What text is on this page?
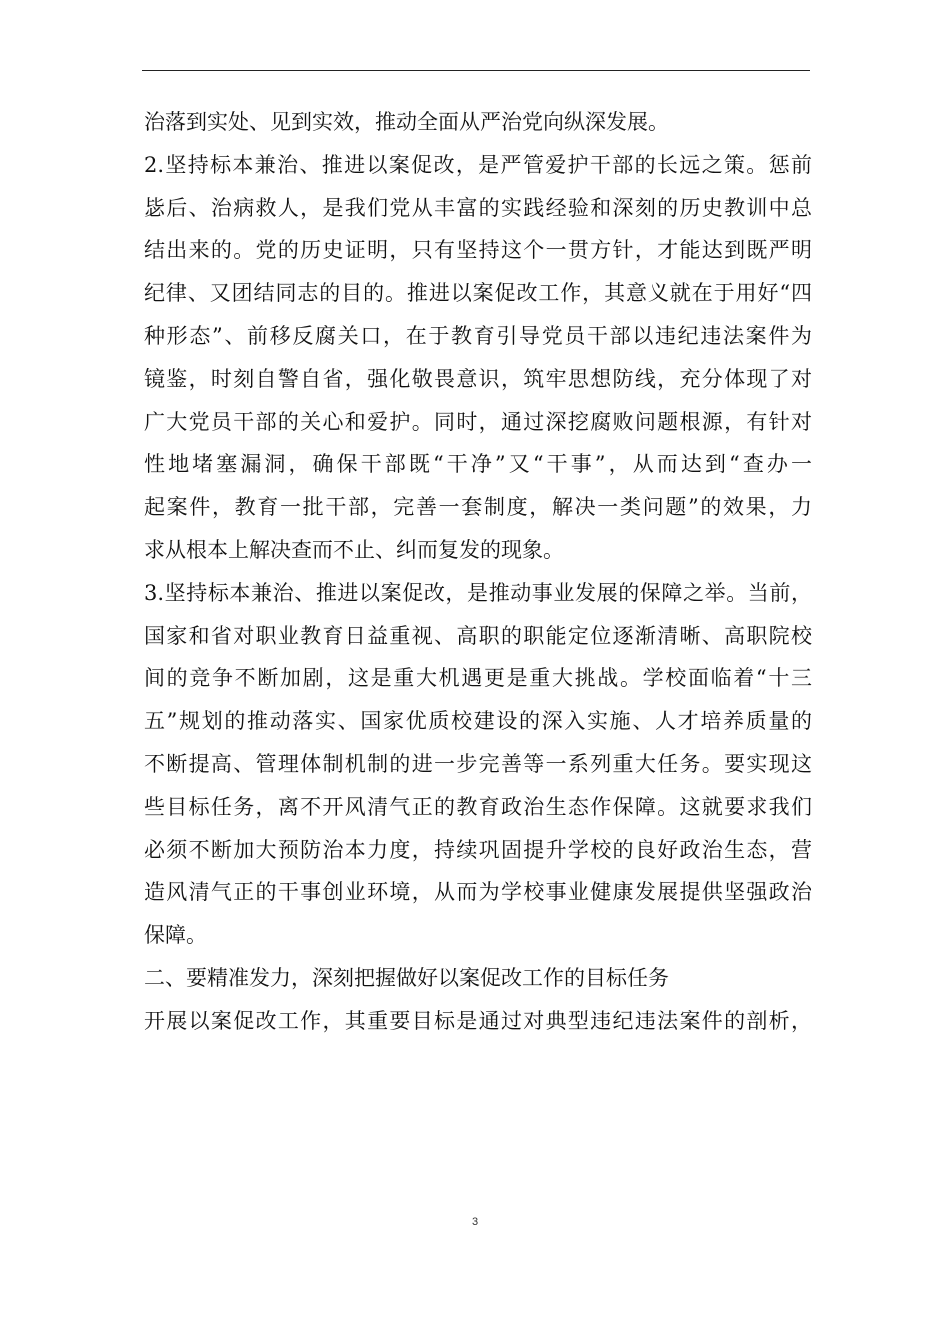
治落到实处、见到实效，推动全面从严治党向纵深发展。
2.坚持标本兼治、推进以案促改，是严管爱护干部的长远之策。惩前
毖后、治病救人，是我们党从丰富的实践经验和深刻的历史教训中总
结出来的。党的历史证明，只有坚持这个一贯方针，才能达到既严明
纪律、又团结同志的目的。推进以案促改工作，其意义就在于用好“四
种形态”、前移反腐关口，在于教育引导党员干部以违纪违法案件为
镜鉴，时刻自警自省，强化敬畏意识，筑牢思想防线，充分体现了对
广大党员干部的关心和爱护。同时，通过深挖腐败问题根源，有针对
性地堵塞漏洞，确保干部既“干净”又“干事”，从而达到“查办一
起案件，教育一批干部，完善一套制度，解决一类问题”的效果，力
求从根本上解决查而不止、纠而复发的现象。
3.坚持标本兼治、推进以案促改，是推动事业发展的保障之举。当前，
国家和省对职业教育日益重视、高职的职能定位逐渐清晰、高职院校
间的竞争不断加剧，这是重大机遇更是重大挑战。学校面临着“十三
五”规划的推动落实、国家优质校建设的深入实施、人才培养质量的
不断提高、管理体制机制的进一步完善等一系列重大任务。要实现这
些目标任务，离不开风清气正的教育政治生态作保障。这就要求我们
必须不断加大预防治本力度，持续巩固提升学校的良好政治生态，营
造风清气正的干事创业环境，从而为学校事业健康发展提供坚强政治
保障。
二、要精准发力，深刻把握做好以案促改工作的目标任务
开展以案促改工作，其重要目标是通过对典型违纪违法案件的剖析，
3
